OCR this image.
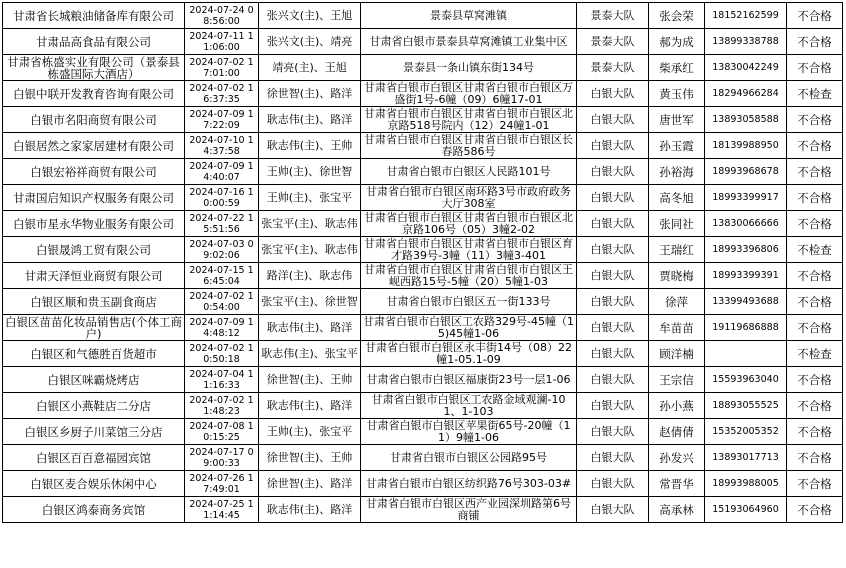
甘肃省长城粮油储备库有限公司	2024-07-24 08:56:00	张兴文(主)、王旭	景泰县草窝滩镇	景泰大队	张会荣	18152162599	不合格
甘肃品高食品有限公司	2024-07-11 11:06:00	张兴文(主)、靖亮	甘肃省白银市景泰县草窝滩镇工业集中区	景泰大队	郝为成	13899338788	不合格
甘肃省栋盛实业有限公司（景泰县栋盛国际大酒店）	2024-07-02 17:01:00	靖亮(主)、王旭	景泰县一条山镇东街134号	景泰大队	柴承红	13830042249	不合格
白银中联开发教育咨询有限公司	2024-07-02 16:37:35	徐世智(主)、路洋	甘肃省白银市白银区甘肃省白银市白银区万盛街1号-6幢（09）6幢17-01	白银大队	黄玉伟	18294966284	不检查
白银市名阳商贸有限公司	2024-07-09 17:22:09	耿志伟(主)、路洋	甘肃省白银市白银区甘肃省白银市白银区北京路518号院内（12）24幢1-01	白银大队	唐世军	13893058588	不合格
白银居然之家家居建材有限公司	2024-07-10 14:37:58	耿志伟(主)、王帅	甘肃省白银市白银区甘肃省白银市白银区长春路586号	白银大队	孙玉霞	18139988950	不合格
白银宏裕祥商贸有限公司	2024-07-09 14:40:07	王帅(主)、徐世智	甘肃省白银市白银区人民路101号	白银大队	孙裕海	18993968678	不合格
甘肃国启知识产权服务有限公司	2024-07-16 10:00:59	王帅(主)、张宝平	甘肃省白银市白银区南环路3号市政府政务大厅308室	白银大队	高冬旭	18993399917	不合格
白银市星永华物业服务有限公司	2024-07-22 15:51:56	张宝平(主)、耿志伟	甘肃省白银市白银区甘肃省白银市白银区北京路106号（05）3幢2-02	白银大队	张同社	13830066666	不合格
白银晟鸿工贸有限公司	2024-07-03 09:02:06	张宝平(主)、耿志伟	甘肃省白银市白银区甘肃省白银市白银区育才路39号-3幢（11）3幢3-401	白银大队	王瑞红	18993396806	不检查
甘肃天泽恒业商贸有限公司	2024-07-15 16:45:04	路洋(主)、耿志伟	甘肃省白银市白银区甘肃省白银市白银区王岘西路15号-5幢（20）5幢1-03	白银大队	贾晓梅	18993399391	不合格
白银区顺和贵玉副食商店	2024-07-02 10:54:00	张宝平(主)、徐世智	甘肃省白银市白银区五一街133号	白银大队	徐萍	13399493688	不合格
白银区苗苗化妆品销售店(个体工商户)	2024-07-09 14:48:12	耿志伟(主)、路洋	甘肃省白银市白银区工农路329号-45幢（15)45幢1-06	白银大队	牟苗苗	19119686888	不合格
白银区和气德胜百货超市	2024-07-02 10:50:18	耿志伟(主)、张宝平	甘肃省白银市白银区永丰街14号（08）22幢1-05.1-09	白银大队	顾洋楠		不检查
白银区咪霸烧烤店	2024-07-04 11:16:33	徐世智(主)、王帅	甘肃省白银市白银区福康街23号一层1-06	白银大队	王宗信	15593963040	不合格
白银区小燕鞋店二分店	2024-07-02 11:48:23	耿志伟(主)、路洋	甘肃省白银市白银区工农路金域观澜-101、1-103	白银大队	孙小燕	18893055525	不合格
白银区乡厨子川菜馆三分店	2024-07-08 10:15:25	王帅(主)、张宝平	甘肃省白银市白银区苹果街65号-20幢（11）9幢1-06	白银大队	赵倩倩	15352005352	不合格
白银区百百意福园宾馆	2024-07-17 09:00:33	徐世智(主)、王帅	甘肃省白银市白银区公园路95号	白银大队	孙发兴	13893017713	不合格
白银区麦合娱乐休闲中心	2024-07-26 17:49:01	徐世智(主)、路洋	甘肃省白银市白银区纺织路76号303-03#	白银大队	常晋华	18993988005	不合格
白银区鸿泰商务宾馆	2024-07-25 11:14:45	耿志伟(主)、路洋	甘肃省白银市白银区西产业园深圳路第6号商铺	白银大队	高承林	15193064960	不合格
